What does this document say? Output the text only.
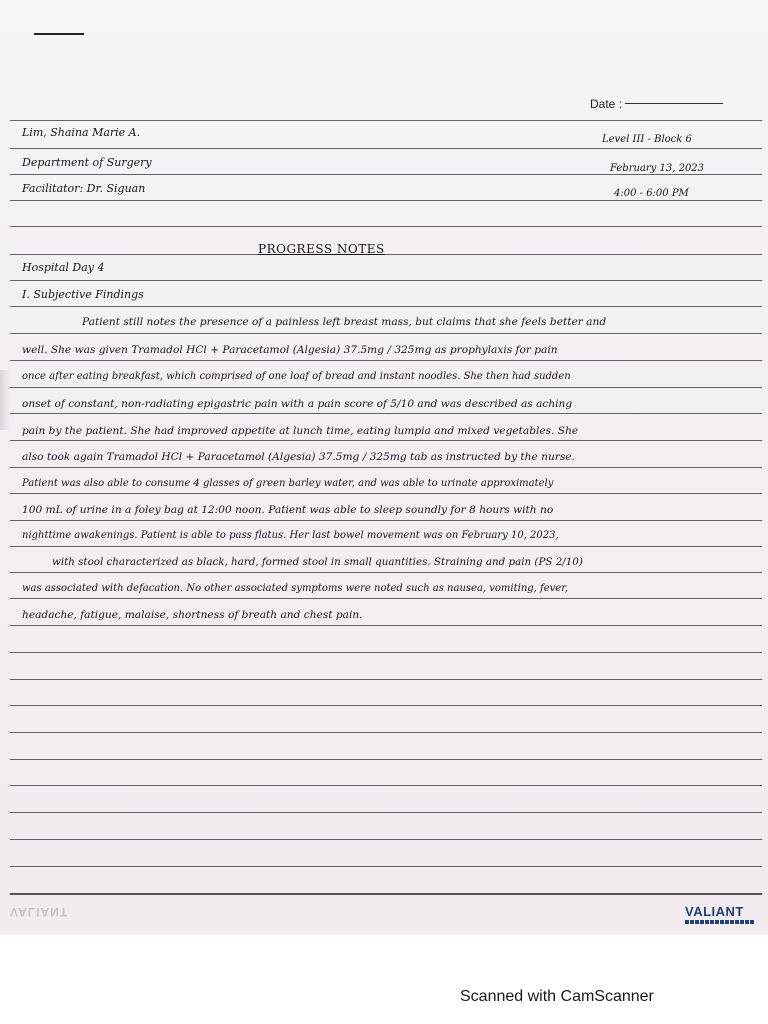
Date :
Lim, Shaina Marie A.
Department of Surgery
Facilitator: Dr. Siguan
Level III - Block 6
February 13, 2023
4:00 - 6:00 PM
PROGRESS NOTES
Hospital Day 4
I. Subjective Findings
Patient still notes the presence of a painless left breast mass, but claims that she feels better and
well. She was given Tramadol HCl + Paracetamol (Algesia) 37.5mg / 325mg as prophylaxis for pain
once after eating breakfast, which comprised of one loaf of bread and instant noodles. She then had sudden
onset of constant, non-radiating epigastric pain with a pain score of 5/10 and was described as aching
pain by the patient. She had improved appetite at lunch time, eating lumpia and mixed vegetables. She
also took again Tramadol HCl + Paracetamol (Algesia) 37.5mg / 325mg tab as instructed by the nurse.
Patient was also able to consume 4 glasses of green barley water, and was able to urinate approximately
100 mL of urine in a foley bag at 12:00 noon. Patient was able to sleep soundly for 8 hours with no
nighttime awakenings. Patient is able to pass flatus. Her last bowel movement was on February 10, 2023,
with stool characterized as black, hard, formed stool in small quantities. Straining and pain (PS 2/10)
was associated with defacation. No other associated symptoms were noted such as nausea, vomiting, fever,
headache, fatigue, malaise, shortness of breath and chest pain.
VALIANT	VALIANT
Scanned with CamScanner
